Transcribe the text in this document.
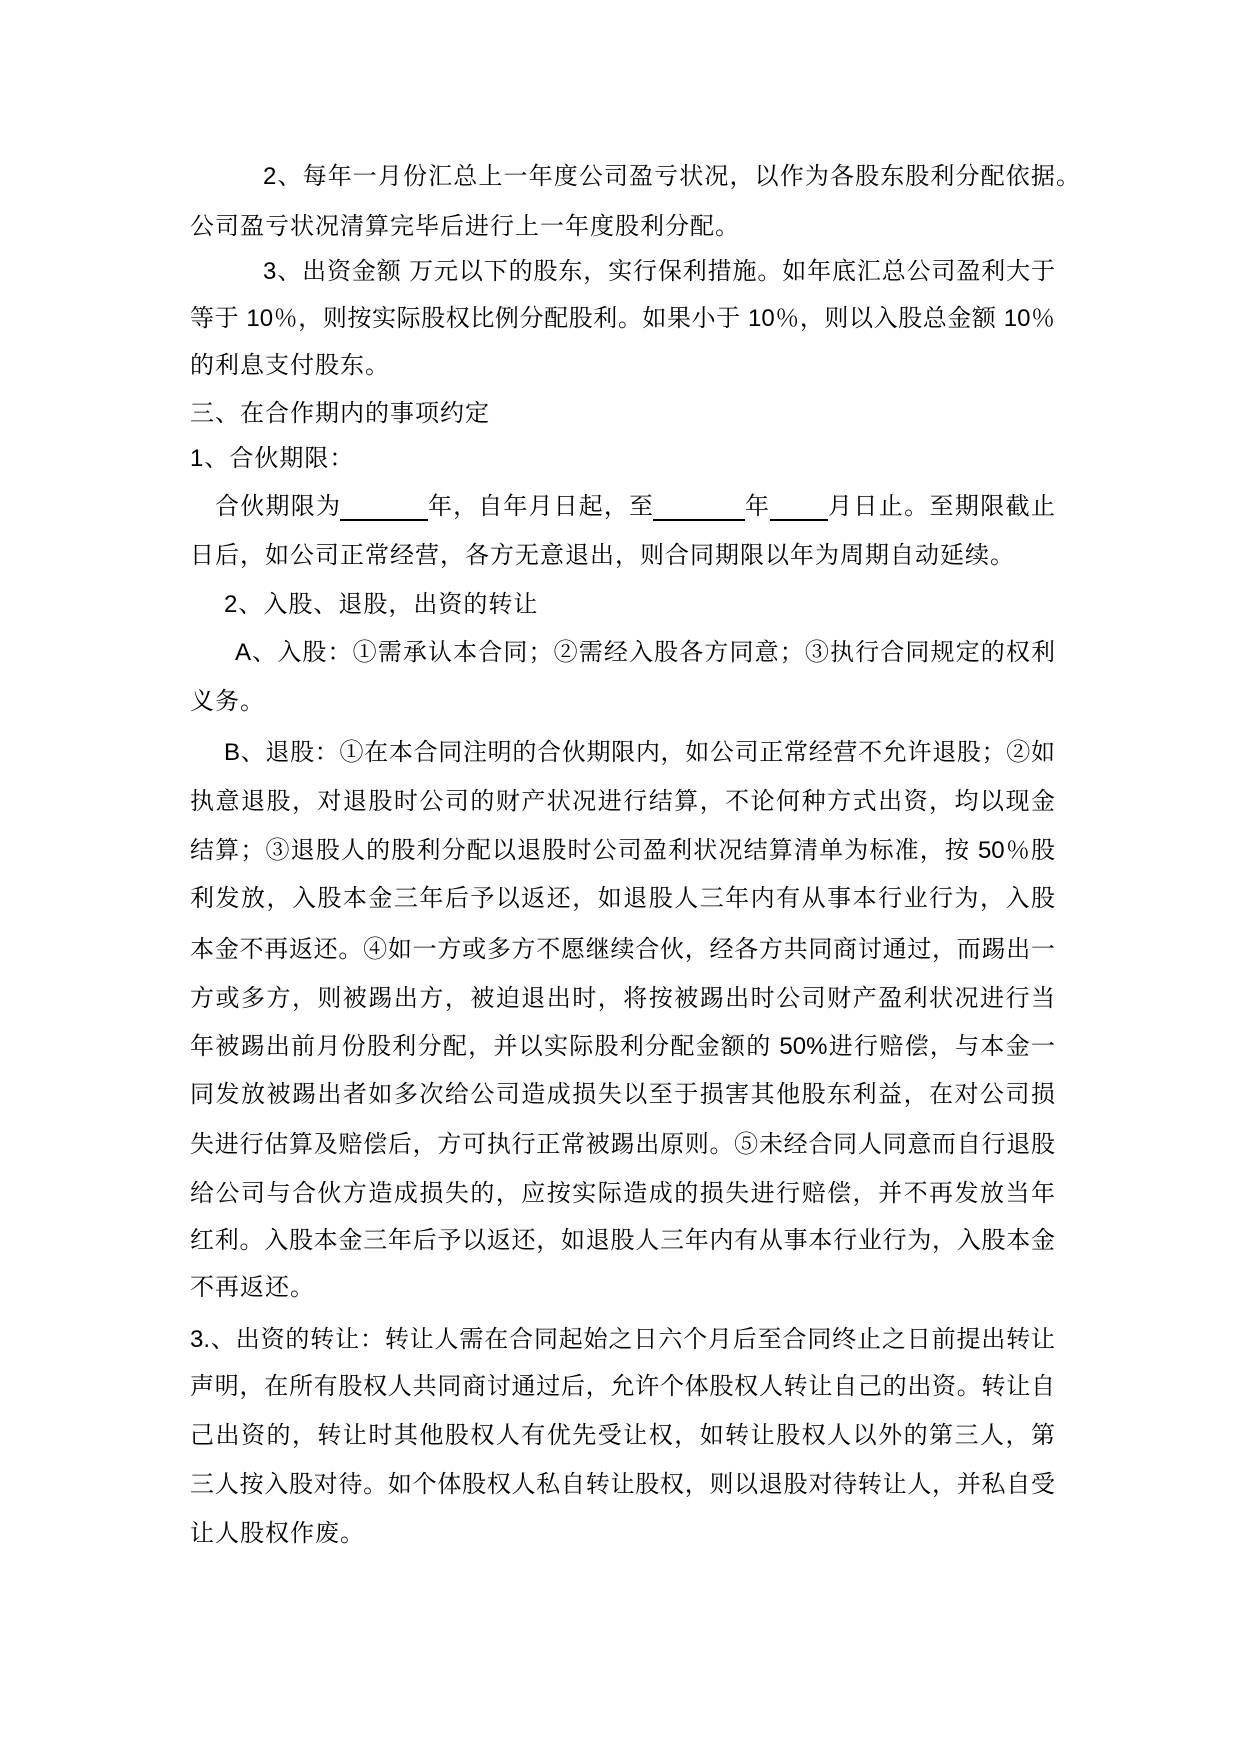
2、每年一月份汇总上一年度公司盈亏状况，以作为各股东股利分配依据。
公司盈亏状况清算完毕后进行上一年度股利分配。
3、出资金额 万元以下的股东，实行保利措施。如年底汇总公司盈利大于
等于 10％，则按实际股权比例分配股利。如果小于 10％，则以入股总金额 10％
的利息支付股东。
三、在合作期内的事项约定
1、合伙期限：
合伙期限为	年，自年月日起，至	年 月日止。至期限截止
日后，如公司正常经营，各方无意退出，则合同期限以年为周期自动延续。
2、入股、退股，出资的转让
A、入股：①需承认本合同；②需经入股各方同意；③执行合同规定的权利
义务。
B、退股：①在本合同注明的合伙期限内，如公司正常经营不允许退股；②如
执意退股，对退股时公司的财产状况进行结算，不论何种方式出资，均以现金
结算；③退股人的股利分配以退股时公司盈利状况结算清单为标准，按 50％股
利发放，入股本金三年后予以返还，如退股人三年内有从事本行业行为，入股
本金不再返还。④如一方或多方不愿继续合伙，经各方共同商讨通过，而踢出一
方或多方，则被踢出方，被迫退出时，将按被踢出时公司财产盈利状况进行当
年被踢出前月份股利分配，并以实际股利分配金额的 50%进行赔偿，与本金一
同发放被踢出者如多次给公司造成损失以至于损害其他股东利益，在对公司损
失进行估算及赔偿后，方可执行正常被踢出原则。⑤未经合同人同意而自行退股
给公司与合伙方造成损失的，应按实际造成的损失进行赔偿，并不再发放当年
红利。入股本金三年后予以返还，如退股人三年内有从事本行业行为，入股本金
不再返还。
3.、出资的转让：转让人需在合同起始之日六个月后至合同终止之日前提出转让
声明，在所有股权人共同商讨通过后，允许个体股权人转让自己的出资。转让自
己出资的，转让时其他股权人有优先受让权，如转让股权人以外的第三人，第
三人按入股对待。如个体股权人私自转让股权，则以退股对待转让人，并私自受
让人股权作废。
